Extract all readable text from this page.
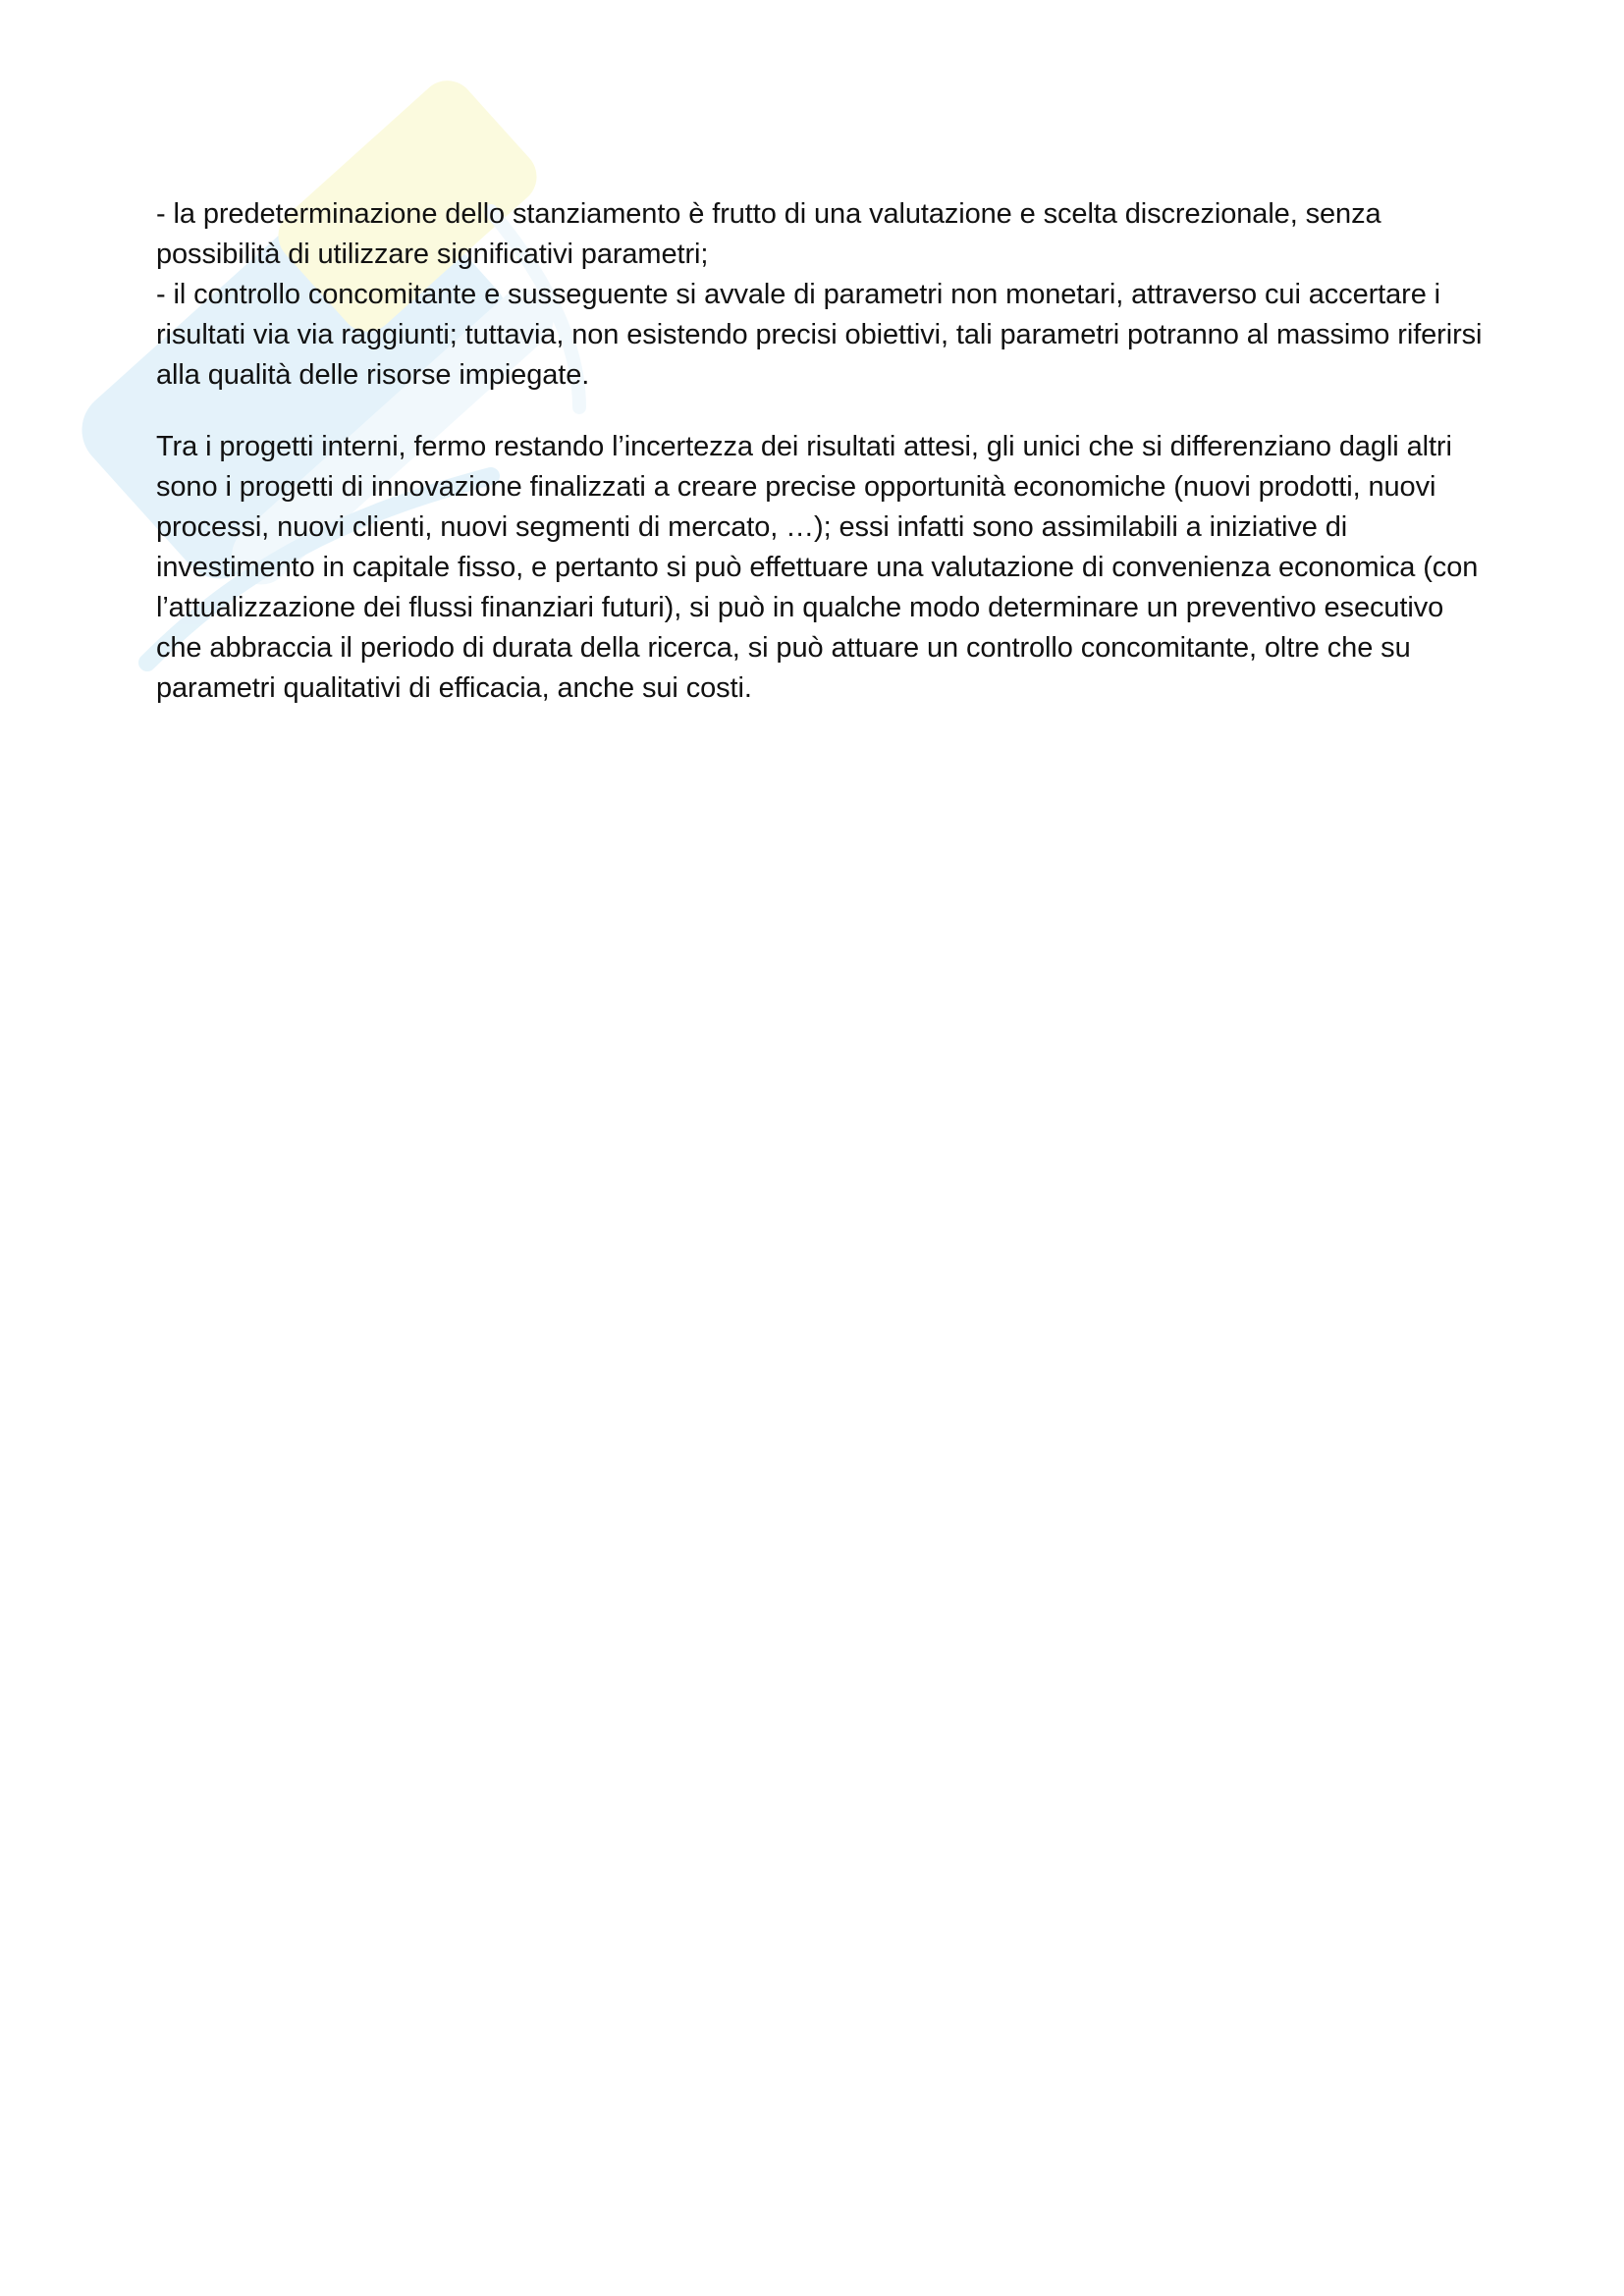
- la predeterminazione dello stanziamento è frutto di una valutazione e scelta discrezionale, senza possibilità di utilizzare significativi parametri;
- il controllo concomitante e susseguente si avvale di parametri non monetari, attraverso cui accertare i risultati via via raggiunti; tuttavia, non esistendo precisi obiettivi, tali parametri potranno al massimo riferirsi alla qualità delle risorse impiegate.

Tra i progetti interni, fermo restando l’incertezza dei risultati attesi, gli unici che si differenziano dagli altri sono i progetti di innovazione finalizzati a creare precise opportunità economiche (nuovi prodotti, nuovi processi, nuovi clienti, nuovi segmenti di mercato, …); essi infatti sono assimilabili a iniziative di investimento in capitale fisso, e pertanto si può effettuare una valutazione di convenienza economica (con l’attualizzazione dei flussi finanziari futuri), si può in qualche modo determinare un preventivo esecutivo che abbraccia il periodo di durata della ricerca, si può attuare un controllo concomitante, oltre che su parametri qualitativi di efficacia, anche sui costi.
